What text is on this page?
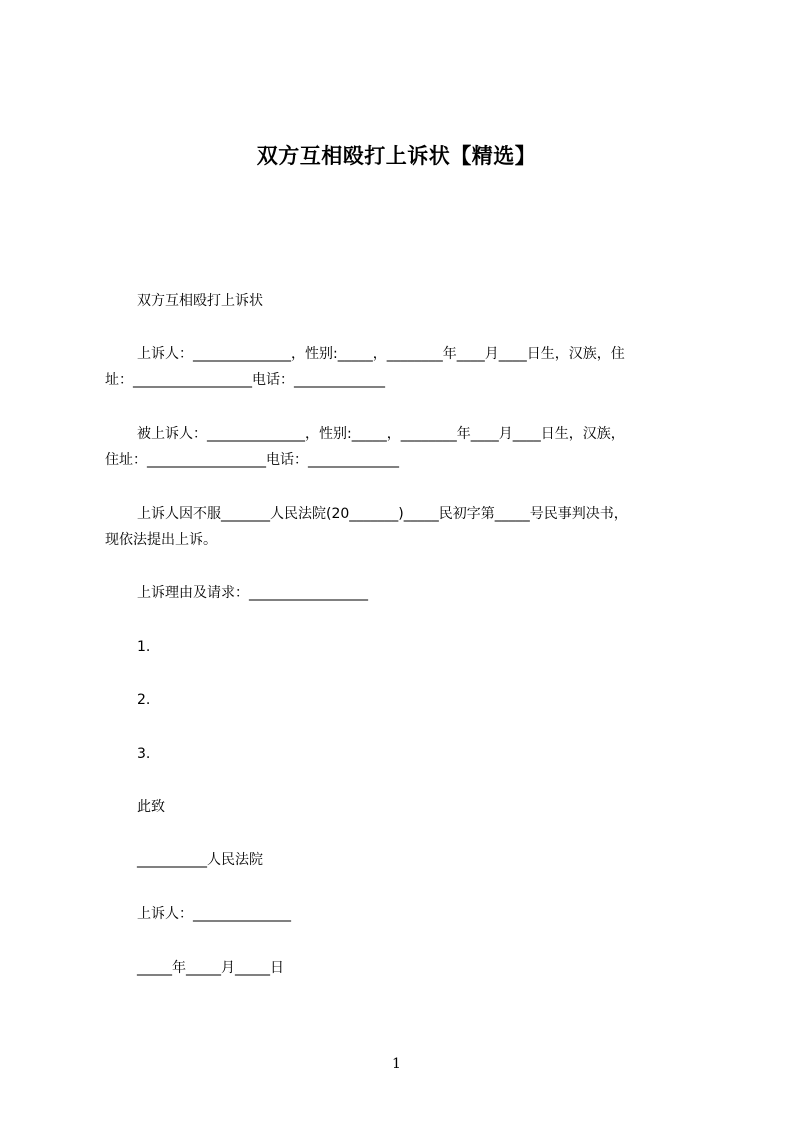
双方互相殴打上诉状【精选】
双方互相殴打上诉状
上诉人：______________，性别:_____，________年____月____日生，汉族，住
址：_________________电话：_____________
被上诉人：______________，性别:_____，________年____月____日生，汉族，
住址：_________________电话：_____________
上诉人因不服_______人民法院(20_______)_____民初字第_____号民事判决书，
现依法提出上诉。
上诉理由及请求：_________________
1.
2.
3.
此致
__________人民法院
上诉人：______________
_____年_____月_____日
1
